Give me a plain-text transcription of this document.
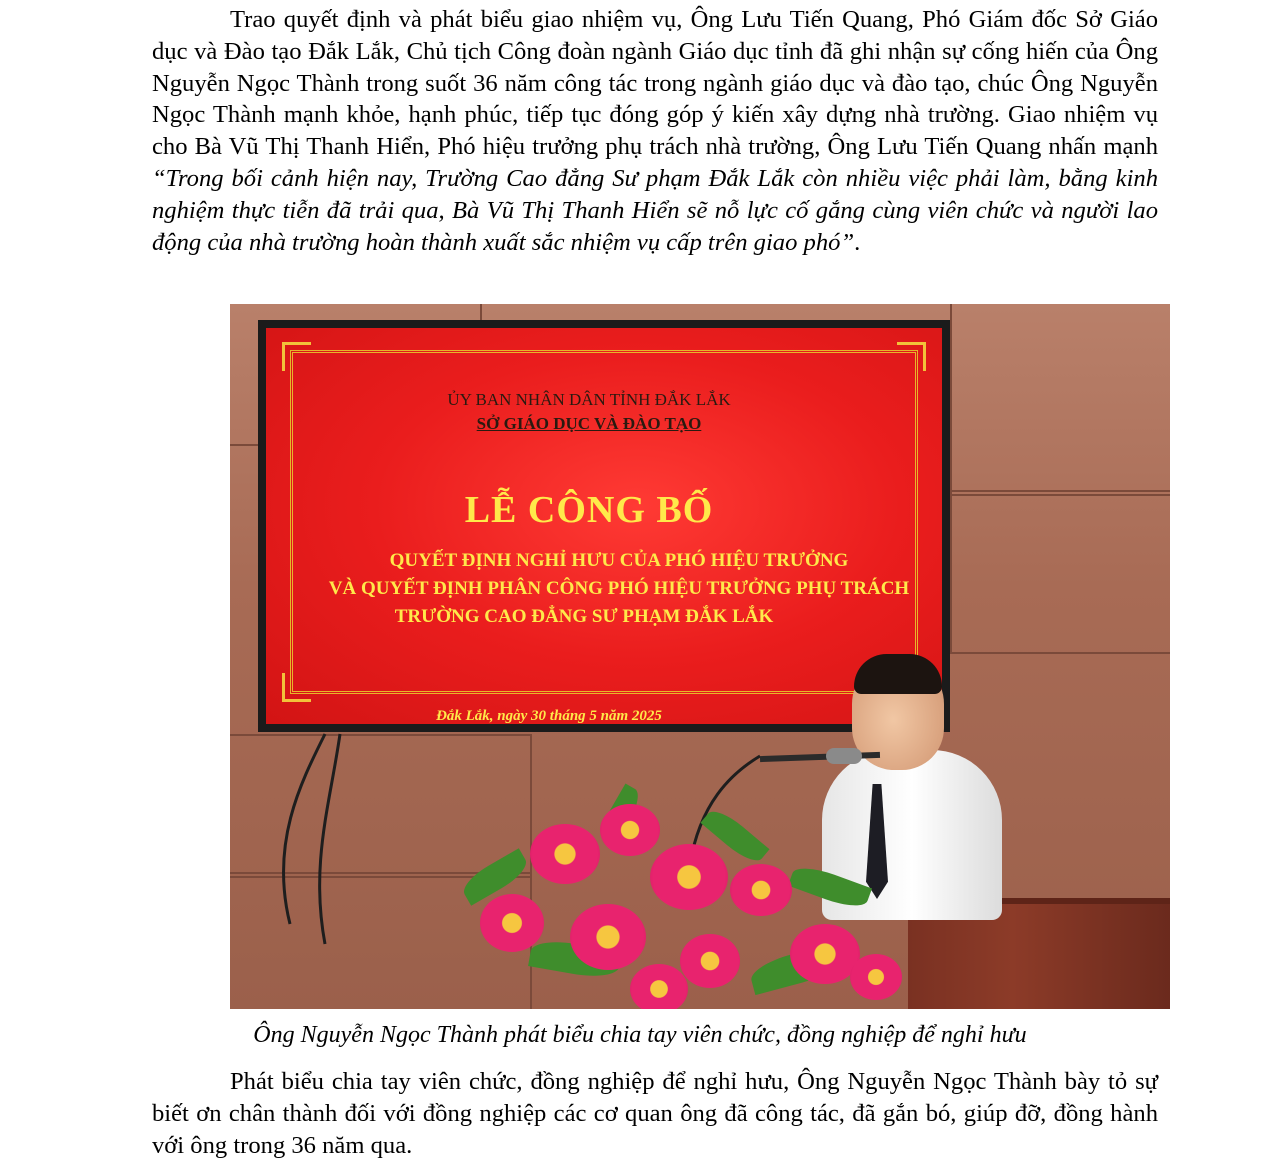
Trao quyết định và phát biểu giao nhiệm vụ, Ông Lưu Tiến Quang, Phó Giám đốc Sở Giáo dục và Đào tạo Đắk Lắk, Chủ tịch Công đoàn ngành Giáo dục tỉnh đã ghi nhận sự cống hiến của Ông Nguyễn Ngọc Thành trong suốt 36 năm công tác trong ngành giáo dục và đào tạo, chúc Ông Nguyễn Ngọc Thành mạnh khỏe, hạnh phúc, tiếp tục đóng góp ý kiến xây dựng nhà trường. Giao nhiệm vụ cho Bà Vũ Thị Thanh Hiển, Phó hiệu trưởng phụ trách nhà trường, Ông Lưu Tiến Quang nhấn mạnh “Trong bối cảnh hiện nay, Trường Cao đẳng Sư phạm Đắk Lắk còn nhiều việc phải làm, bằng kinh nghiệm thực tiễn đã trải qua, Bà Vũ Thị Thanh Hiển sẽ nỗ lực cố gắng cùng viên chức và người lao động của nhà trường hoàn thành xuất sắc nhiệm vụ cấp trên giao phó”.

ỦY BAN NHÂN DÂN TỈNH ĐẮK LẮK
SỞ GIÁO DỤC VÀ ĐÀO TẠO
LỄ CÔNG BỐ
QUYẾT ĐỊNH NGHỈ HƯU CỦA PHÓ HIỆU TRƯỞNG
VÀ QUYẾT ĐỊNH PHÂN CÔNG PHÓ HIỆU TRƯỞNG PHỤ TRÁCH
TRƯỜNG CAO ĐẲNG SƯ PHẠM ĐẮK LẮK
Đắk Lắk, ngày 30 tháng 5 năm 2025

Ông Nguyễn Ngọc Thành phát biểu chia tay viên chức, đồng nghiệp để nghỉ hưu

Phát biểu chia tay viên chức, đồng nghiệp để nghỉ hưu, Ông Nguyễn Ngọc Thành bày tỏ sự biết ơn chân thành đối với đồng nghiệp các cơ quan ông đã công tác, đã gắn bó, giúp đỡ, đồng hành với ông trong 36 năm qua.
